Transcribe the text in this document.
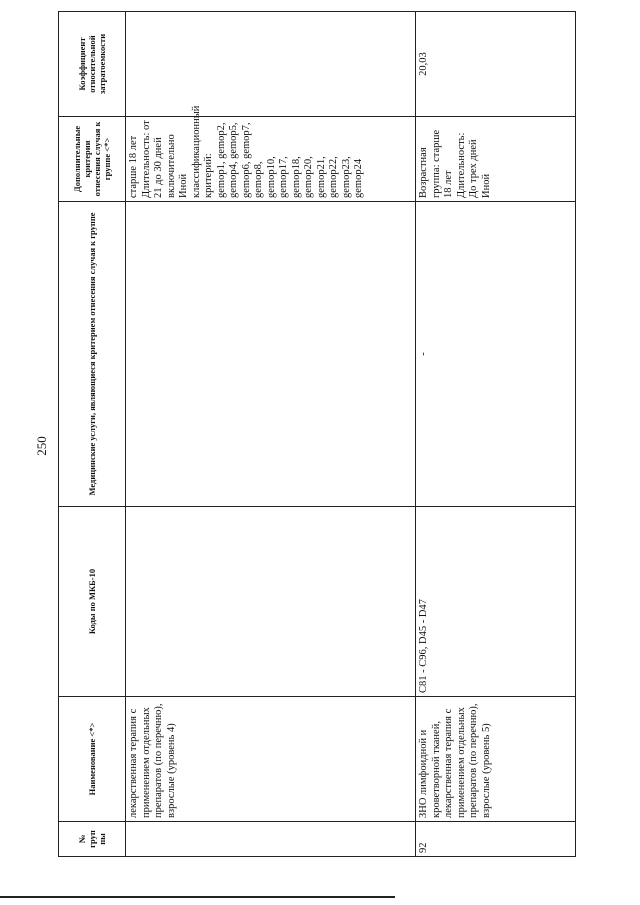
250
№ груп пы	Наименование <*>	Коды по МКБ-10	Медицинские услуги, являющиеся критерием отнесения случая к группе	Дополнительные критерии отнесения случая к группе <*>	Коэффициент относительной затратоемкости
	лекарственная терапия с применением отдельных препаратов (по перечню), взрослые (уровень 4)			старше 18 лет Длительность: от 21 до 30 дней включительно Иной классификационный критерий: gemop1, gemop2, gemop4, gemop5, gemop6, gemop7, gemop8, gemop10, gemop17, gemop18, gemop20, gemop21, gemop22, gemop23, gemop24	
92	ЗНО лимфоидной и кроветворной тканей, лекарственная терапия с применением отдельных препаратов (по перечню), взрослые (уровень 5)	C81 - C96, D45 - D47	-	Возрастная группа: старше 18 лет Длительность: До трех дней Иной	20,03
